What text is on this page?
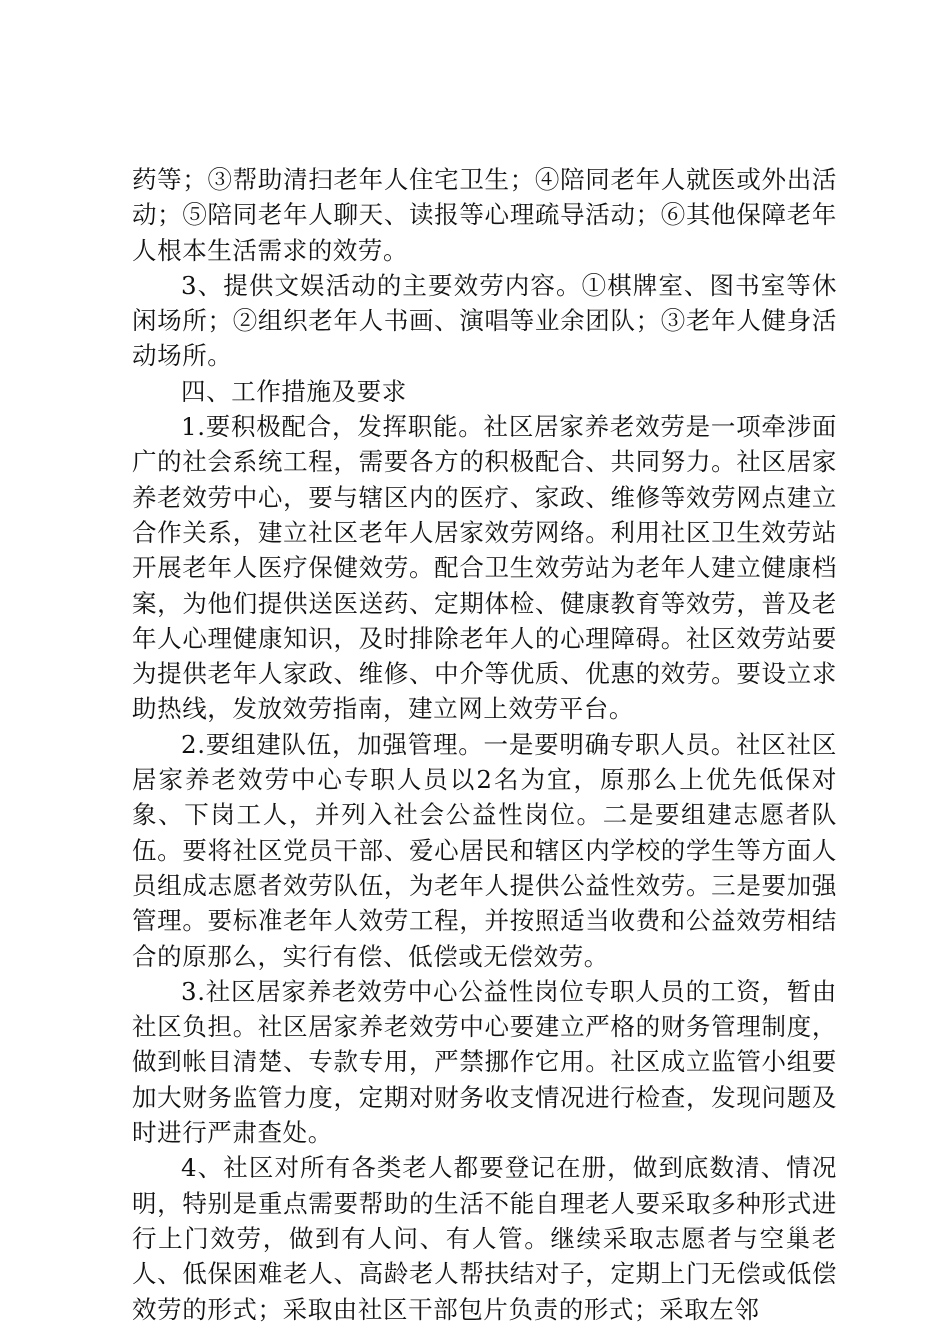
药等；③帮助清扫老年人住宅卫生；④陪同老年人就医或外出活动；⑤陪同老年人聊天、读报等心理疏导活动；⑥其他保障老年人根本生活需求的效劳。

3、提供文娱活动的主要效劳内容。①棋牌室、图书室等休闲场所；②组织老年人书画、演唱等业余团队；③老年人健身活动场所。

四、工作措施及要求

1.要积极配合，发挥职能。社区居家养老效劳是一项牵涉面广的社会系统工程，需要各方的积极配合、共同努力。社区居家养老效劳中心，要与辖区内的医疗、家政、维修等效劳网点建立合作关系，建立社区老年人居家效劳网络。利用社区卫生效劳站开展老年人医疗保健效劳。配合卫生效劳站为老年人建立健康档案，为他们提供送医送药、定期体检、健康教育等效劳，普及老年人心理健康知识，及时排除老年人的心理障碍。社区效劳站要为提供老年人家政、维修、中介等优质、优惠的效劳。要设立求助热线，发放效劳指南，建立网上效劳平台。

2.要组建队伍，加强管理。一是要明确专职人员。社区社区居家养老效劳中心专职人员以2名为宜，原那么上优先低保对象、下岗工人，并列入社会公益性岗位。二是要组建志愿者队伍。要将社区党员干部、爱心居民和辖区内学校的学生等方面人员组成志愿者效劳队伍，为老年人提供公益性效劳。三是要加强管理。要标准老年人效劳工程，并按照适当收费和公益效劳相结合的原那么，实行有偿、低偿或无偿效劳。

3.社区居家养老效劳中心公益性岗位专职人员的工资，暂由社区负担。社区居家养老效劳中心要建立严格的财务管理制度，做到帐目清楚、专款专用，严禁挪作它用。社区成立监管小组要加大财务监管力度，定期对财务收支情况进行检查，发现问题及时进行严肃查处。

4、社区对所有各类老人都要登记在册，做到底数清、情况明，特别是重点需要帮助的生活不能自理老人要采取多种形式进行上门效劳，做到有人问、有人管。继续采取志愿者与空巢老人、低保困难老人、高龄老人帮扶结对子，定期上门无偿或低偿效劳的形式；采取由社区干部包片负责的形式；采取左邻
